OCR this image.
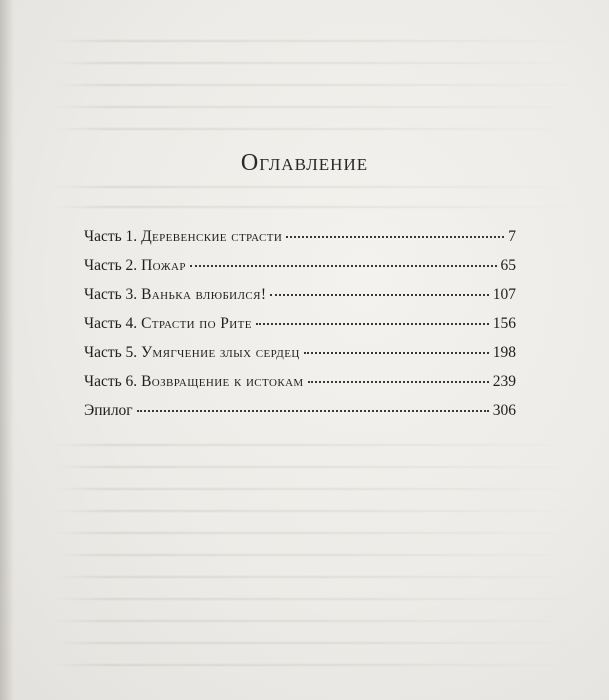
Оглавление
Часть 1. Деревенские страсти	7
Часть 2. Пожар	65
Часть 3. Ванька влюбился!	107
Часть 4. Страсти по Рите	156
Часть 5. Умягчение злых сердец	198
Часть 6. Возвращение к истокам	239
Эпилог	306
